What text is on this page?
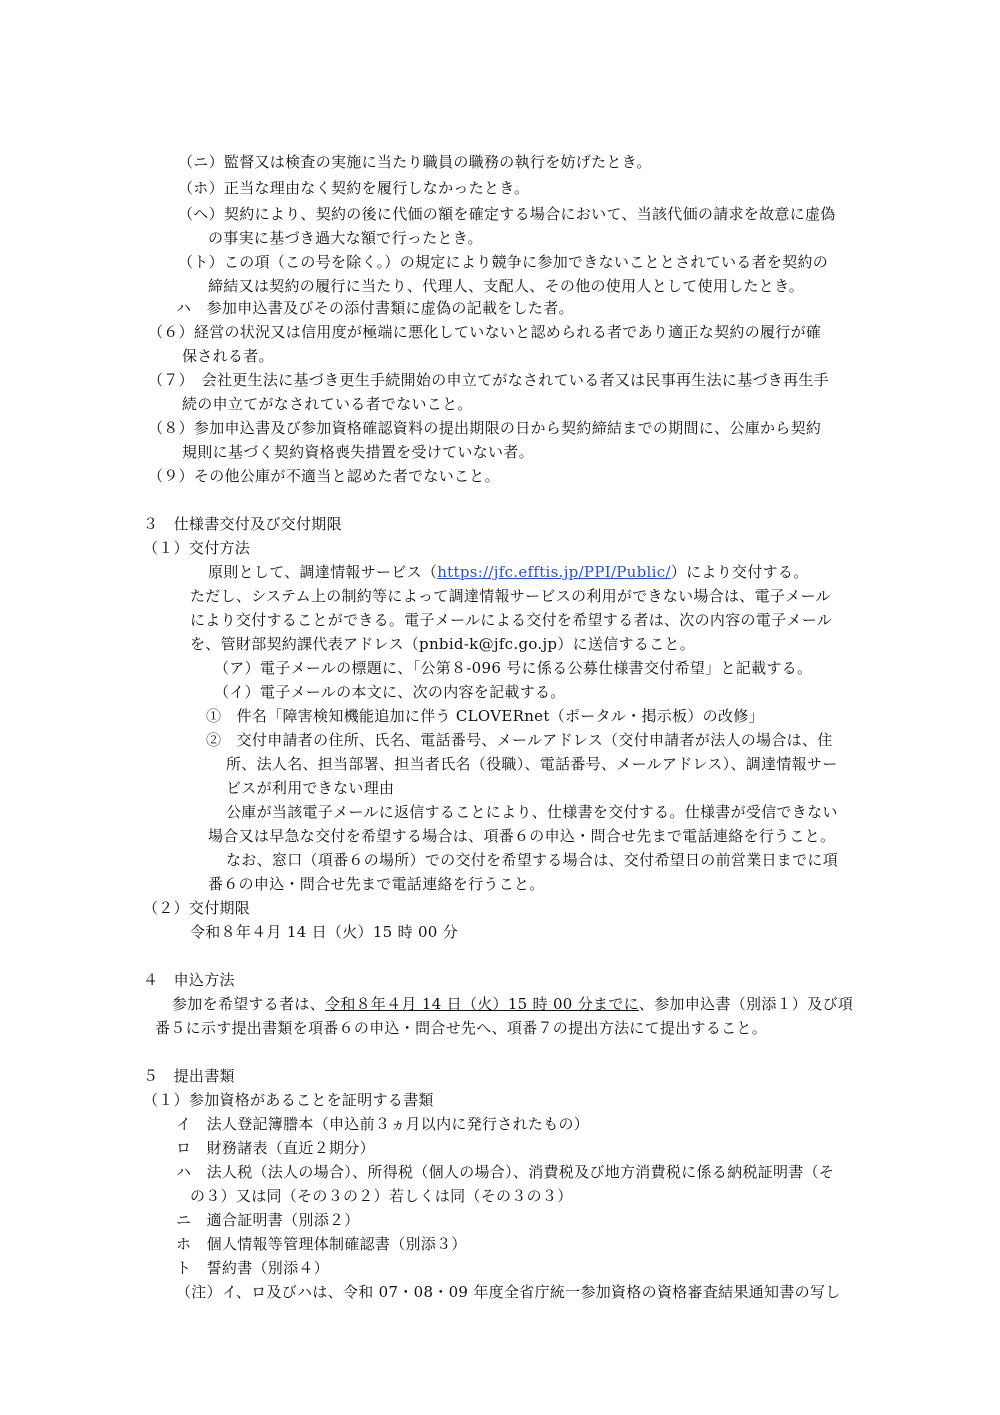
（ニ）監督又は検査の実施に当たり職員の職務の執行を妨げたとき。
（ホ）正当な理由なく契約を履行しなかったとき。
（ヘ）契約により、契約の後に代価の額を確定する場合において、当該代価の請求を故意に虚偽
の事実に基づき過大な額で行ったとき。
（ト）この項（この号を除く。）の規定により競争に参加できないこととされている者を契約の
締結又は契約の履行に当たり、代理人、支配人、その他の使用人として使用したとき。
ハ　参加申込書及びその添付書類に虚偽の記載をした者。
（６）経営の状況又は信用度が極端に悪化していないと認められる者であり適正な契約の履行が確
保される者。
（７）　会社更生法に基づき更生手続開始の申立てがなされている者又は民事再生法に基づき再生手
続の申立てがなされている者でないこと。
（８）参加申込書及び参加資格確認資料の提出期限の日から契約締結までの期間に、公庫から契約
規則に基づく契約資格喪失措置を受けていない者。
（９）その他公庫が不適当と認めた者でないこと。
３　仕様書交付及び交付期限
（１）交付方法
原則として、調達情報サービス（https://jfc.efftis.jp/PPI/Public/）により交付する。
ただし、システム上の制約等によって調達情報サービスの利用ができない場合は、電子メール
により交付することができる。電子メールによる交付を希望する者は、次の内容の電子メール
を、管財部契約課代表アドレス（pnbid-k@jfc.go.jp）に送信すること。
（ア）電子メールの標題に、「公第８-096 号に係る公募仕様書交付希望」と記載する。
（イ）電子メールの本文に、次の内容を記載する。
①　件名「障害検知機能追加に伴う CLOVERnet（ポータル・掲示板）の改修」
②　交付申請者の住所、氏名、電話番号、メールアドレス（交付申請者が法人の場合は、住
所、法人名、担当部署、担当者氏名（役職）、電話番号、メールアドレス）、調達情報サー
ビスが利用できない理由
公庫が当該電子メールに返信することにより、仕様書を交付する。仕様書が受信できない
場合又は早急な交付を希望する場合は、項番６の申込・問合せ先まで電話連絡を行うこと。
なお、窓口（項番６の場所）での交付を希望する場合は、交付希望日の前営業日までに項
番６の申込・問合せ先まで電話連絡を行うこと。
（２）交付期限
令和８年４月 14 日（火）15 時 00 分
４　申込方法
参加を希望する者は、令和８年４月 14 日（火）15 時 00 分までに、参加申込書（別添１）及び項
番５に示す提出書類を項番６の申込・問合せ先へ、項番７の提出方法にて提出すること。
５　提出書類
（１）参加資格があることを証明する書類
イ　法人登記簿謄本（申込前３ヵ月以内に発行されたもの）
ロ　財務諸表（直近２期分）
ハ　法人税（法人の場合）、所得税（個人の場合）、消費税及び地方消費税に係る納税証明書（そ
の３）又は同（その３の２）若しくは同（その３の３）
ニ　適合証明書（別添２）
ホ　個人情報等管理体制確認書（別添３）
ト　誓約書（別添４）
（注）イ、ロ及びハは、令和 07・08・09 年度全省庁統一参加資格の資格審査結果通知書の写し
